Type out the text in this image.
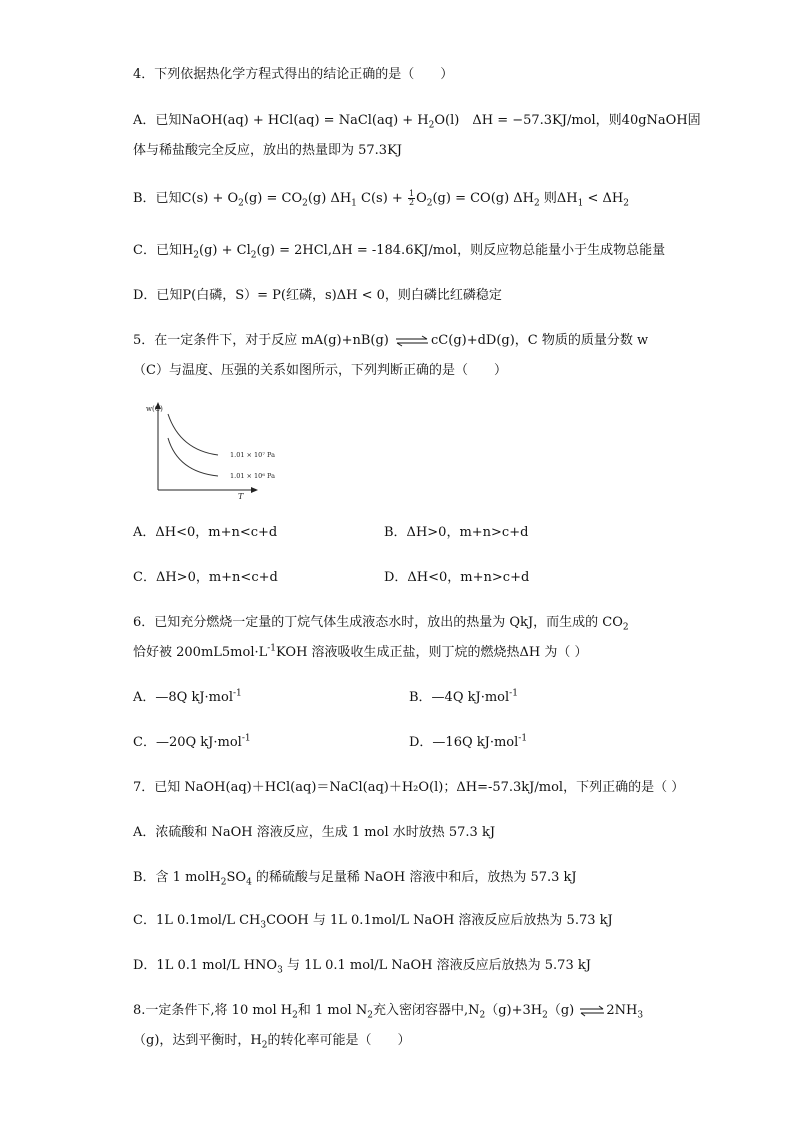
4．下列依据热化学方程式得出的结论正确的是（　　）
A．已知NaOH(aq) + HCl(aq) = NaCl(aq) + $H_2O(l)$　ΔH = −57.3KJ/mol，则40gNaOH固
体与稀盐酸完全反应，放出的热量即为 57.3KJ
B．已知$C(s) + O_2(g) = CO_2(g)$ $\Delta H_1$ $C(s) + \frac{1}{2} O_2(g) = CO(g)$ $\Delta H_2$ 则$\Delta H_1 < \Delta H_2$
C．已知$H_2(g) + Cl_2(g) = 2HCl,\Delta H = -184.6KJ/mol$，则反应物总能量小于生成物总能量
D．已知P(白磷，S）= P(红磷，s)ΔH < 0，则白磷比红磷稳定
5．在一定条件下，对于反应 mA(g)+nB(g) ⇌ cC(g)+dD(g)，C 物质的质量分数 w
（C）与温度、压强的关系如图所示，下列判断正确的是（　　）
w(C)
T
1.01 × 10⁷ Pa
1.01 × 10⁶ Pa
A．ΔH<0，m+n<c+d	B．ΔH>0，m+n>c+d
C．ΔH>0，m+n<c+d	D．ΔH<0，m+n>c+d
6．已知充分燃烧一定量的丁烷气体生成液态水时，放出的热量为 QkJ，而生成的 $CO_2$
恰好被 $200mL5mol\cdot L^{-1}KOH$ 溶液吸收生成正盐，则丁烷的燃烧热ΔH 为（ ）
A．—8Q kJ·mol$^{-1}$	B．—4Q kJ·mol$^{-1}$
C．—20Q kJ·mol$^{-1}$	D．—16Q kJ·mol$^{-1}$
7．已知 NaOH(aq)＋HCl(aq)＝NaCl(aq)＋H₂O(l)；ΔH=-57.3kJ/mol，下列正确的是（ ）
A．浓硫酸和 NaOH 溶液反应，生成 1 mol 水时放热 57.3 kJ
B．含 1 $molH_2SO_4$ 的稀硫酸与足量稀 NaOH 溶液中和后，放热为 57.3 kJ
C．1L 0.1mol/L $CH_3COOH$ 与 1L 0.1mol/L NaOH 溶液反应后放热为 5.73 kJ
D．1L 0.1 mol/L $HNO_3$ 与 1L 0.1 mol/L NaOH 溶液反应后放热为 5.73 kJ
8.一定条件下,将 10 mol $H_2$和 1 mol $N_2$充入密闭容器中$,N_2(g)+3H_2(g)$ $\rightleftharpoons 2NH_3$
（g)，达到平衡时，$H_2$的转化率可能是（　　）
